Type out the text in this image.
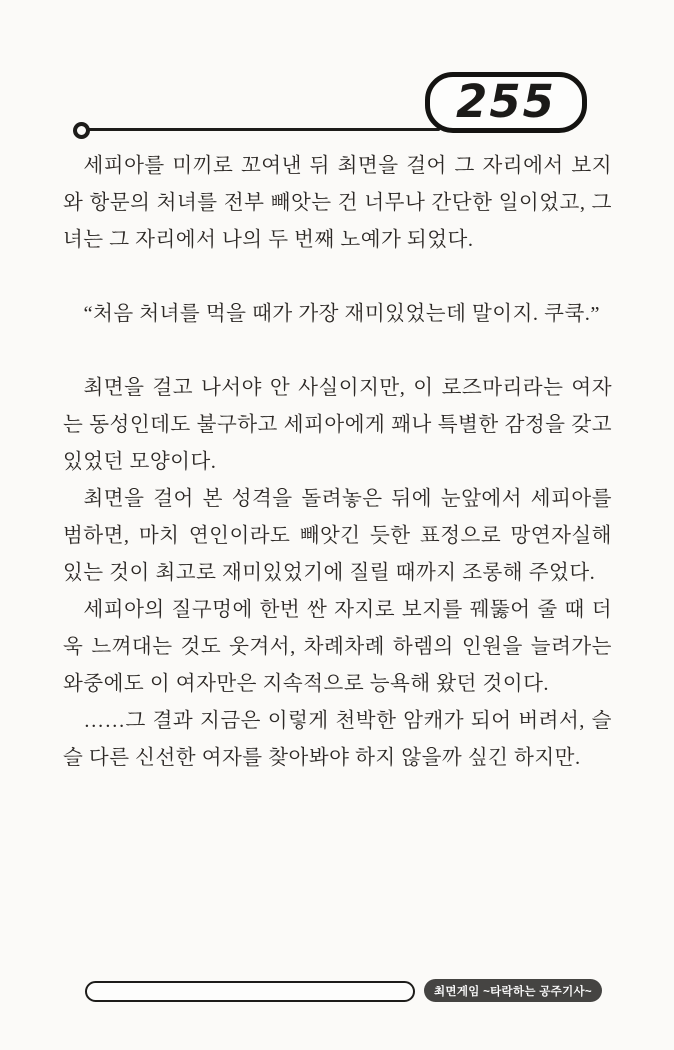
255

세피아를 미끼로 꼬여낸 뒤 최면을 걸어 그 자리에서 보지와 항문의 처녀를 전부 빼앗는 건 너무나 간단한 일이었고, 그녀는 그 자리에서 나의 두 번째 노예가 되었다.

“처음 처녀를 먹을 때가 가장 재미있었는데 말이지. 쿠쿡.”

최면을 걸고 나서야 안 사실이지만, 이 로즈마리라는 여자는 동성인데도 불구하고 세피아에게 꽤나 특별한 감정을 갖고 있었던 모양이다.

최면을 걸어 본 성격을 돌려놓은 뒤에 눈앞에서 세피아를 범하면, 마치 연인이라도 빼앗긴 듯한 표정으로 망연자실해 있는 것이 최고로 재미있었기에 질릴 때까지 조롱해 주었다.

세피아의 질구멍에 한번 싼 자지로 보지를 꿰뚫어 줄 때 더욱 느껴대는 것도 웃겨서, 차례차례 하렘의 인원을 늘려가는 와중에도 이 여자만은 지속적으로 능욕해 왔던 것이다.

……그 결과 지금은 이렇게 천박한 암캐가 되어 버려서, 슬슬 다른 신선한 여자를 찾아봐야 하지 않을까 싶긴 하지만.

최면게임 ~타락하는 공주기사~
